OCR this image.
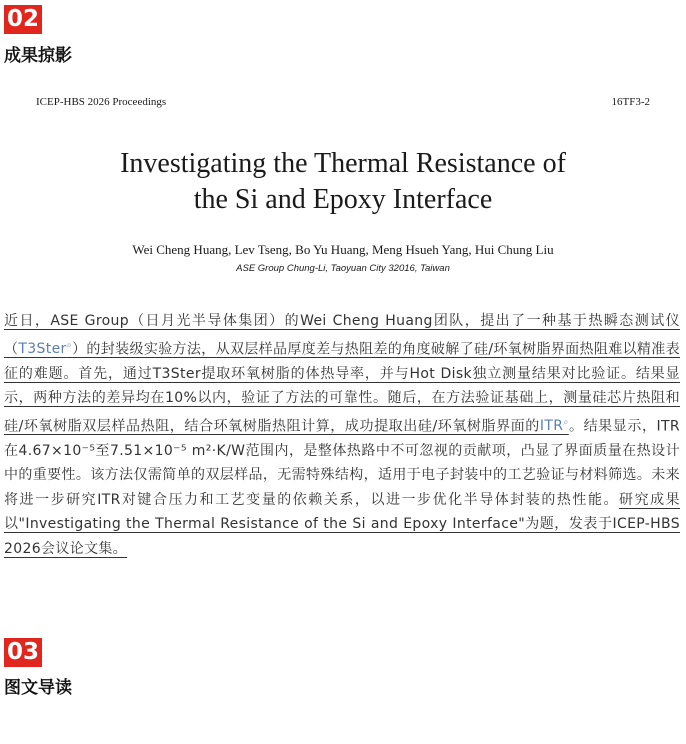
02
成果掠影
ICEP-HBS 2026 Proceedings	16TF3-2
Investigating the Thermal Resistance of
the Si and Epoxy Interface
Wei Cheng Huang, Lev Tseng, Bo Yu Huang, Meng Hsueh Yang, Hui Chung Liu
ASE Group Chung-Li, Taoyuan City 32016, Taiwan
近日，ASE Group（日月光半导体集团）的Wei Cheng Huang团队，提出了一种基于热瞬态测试仪（T3Ster⌕）的封装级实验方法，从双层样品厚度差与热阻差的角度破解了硅/环氧树脂界面热阻难以精准表征的难题。首先，通过T3Ster提取环氧树脂的体热导率，并与Hot Disk独立测量结果对比验证。结果显示，两种方法的差异均在10%以内，验证了方法的可靠性。随后，在方法验证基础上，测量硅芯片热阻和硅/环氧树脂双层样品热阻，结合环氧树脂热阻计算，成功提取出硅/环氧树脂界面的ITR⌕。结果显示，ITR在4.67×10⁻⁵至7.51×10⁻⁵ m²·K/W范围内，是整体热路中不可忽视的贡献项，凸显了界面质量在热设计中的重要性。该方法仅需简单的双层样品，无需特殊结构，适用于电子封装中的工艺验证与材料筛选。未来将进一步研究ITR对键合压力和工艺变量的依赖关系，以进一步优化半导体封装的热性能。研究成果以"Investigating the Thermal Resistance of the Si and Epoxy Interface"为题，发表于ICEP-HBS 2026会议论文集。
03
图文导读
